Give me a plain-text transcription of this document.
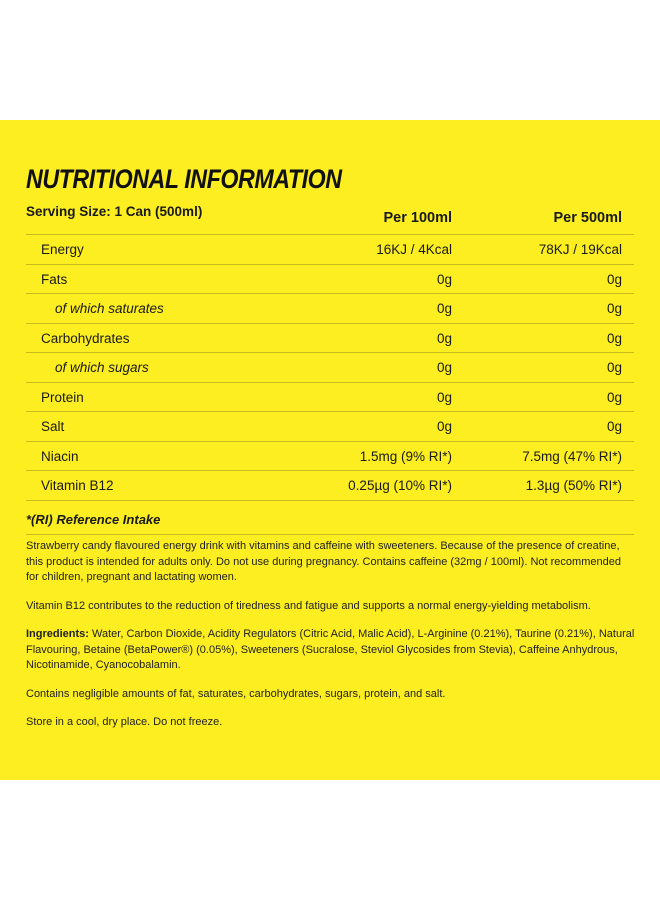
NUTRITIONAL INFORMATION
Serving Size: 1 Can (500ml)	Per 100ml	Per 500ml
Energy	16KJ / 4Kcal	78KJ / 19Kcal
Fats	0g	0g
of which saturates	0g	0g
Carbohydrates	0g	0g
of which sugars	0g	0g
Protein	0g	0g
Salt	0g	0g
Niacin	1.5mg (9% RI*)	7.5mg (47% RI*)
Vitamin B12	0.25µg (10% RI*)	1.3µg (50% RI*)
*(RI) Reference Intake

Strawberry candy flavoured energy drink with vitamins and caffeine with sweeteners. Because of the presence of creatine, this product is intended for adults only. Do not use during pregnancy. Contains caffeine (32mg / 100ml). Not recommended for children, pregnant and lactating women.

Vitamin B12 contributes to the reduction of tiredness and fatigue and supports a normal energy-yielding metabolism.

Ingredients: Water, Carbon Dioxide, Acidity Regulators (Citric Acid, Malic Acid), L-Arginine (0.21%), Taurine (0.21%), Natural Flavouring, Betaine (BetaPower®) (0.05%), Sweeteners (Sucralose, Steviol Glycosides from Stevia), Caffeine Anhydrous, Nicotinamide, Cyanocobalamin.

Contains negligible amounts of fat, saturates, carbohydrates, sugars, protein, and salt.

Store in a cool, dry place. Do not freeze.
